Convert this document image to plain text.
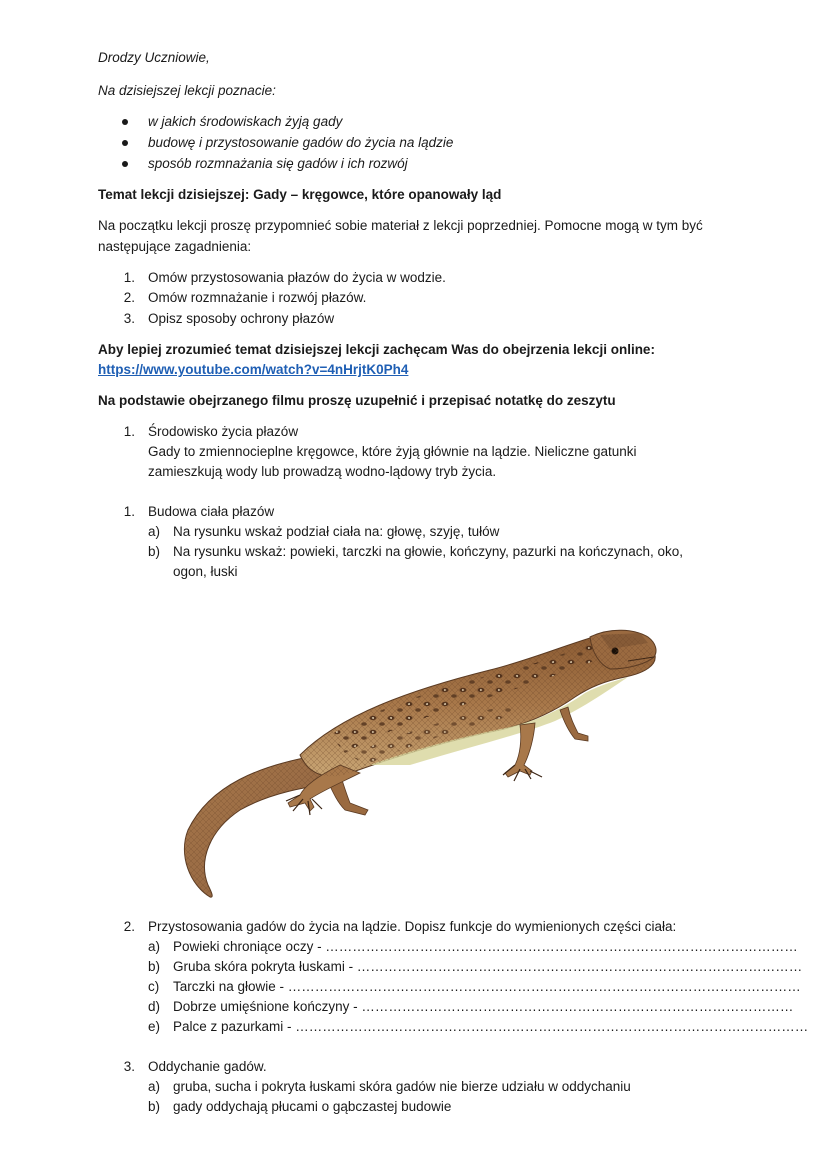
Drodzy Uczniowie,
Na dzisiejszej lekcji poznacie:
w jakich środowiskach żyją gady
budowę i przystosowanie gadów do życia na lądzie
sposób rozmnażania się gadów i ich rozwój
Temat lekcji dzisiejszej: Gady – kręgowce, które opanowały ląd
Na początku lekcji proszę przypomnieć sobie materiał z lekcji poprzedniej. Pomocne mogą w tym być
następujące zagadnienia:
1. Omów przystosowania płazów do życia w wodzie.
2. Omów rozmnażanie i rozwój płazów.
3. Opisz sposoby ochrony płazów
Aby lepiej zrozumieć temat dzisiejszej lekcji zachęcam Was do obejrzenia lekcji online:
https://www.youtube.com/watch?v=4nHrjtK0Ph4
Na podstawie obejrzanego filmu proszę uzupełnić i przepisać notatkę do zeszytu
1. Środowisko życia płazów
Gady to zmiennocieplne kręgowce, które żyją głównie na lądzie. Nieliczne gatunki
zamieszkują wody lub prowadzą wodno-lądowy tryb życia.
1. Budowa ciała płazów
a) Na rysunku wskaż podział ciała na: głowę, szyję, tułów
b) Na rysunku wskaż: powieki, tarczki na głowie, kończyny, pazurki na kończynach, oko,
ogon, łuski
2. Przystosowania gadów do życia na lądzie. Dopisz funkcje do wymienionych części ciała:
a) Powieki chroniące oczy - ……………………………………………………………………………………………
b) Gruba skóra pokryta łuskami - ………………………………………………………………………………………
c) Tarczki na głowie - ……………………………………………………………………………………………………
d) Dobrze umięśnione kończyny - ……………………………………………………………………………………
e) Palce z pazurkami - ……………………………………………………………………………………………………
3. Oddychanie gadów.
a) gruba, sucha i pokryta łuskami skóra gadów nie bierze udziału w oddychaniu
b) gady oddychają płucami o gąbczastej budowie
